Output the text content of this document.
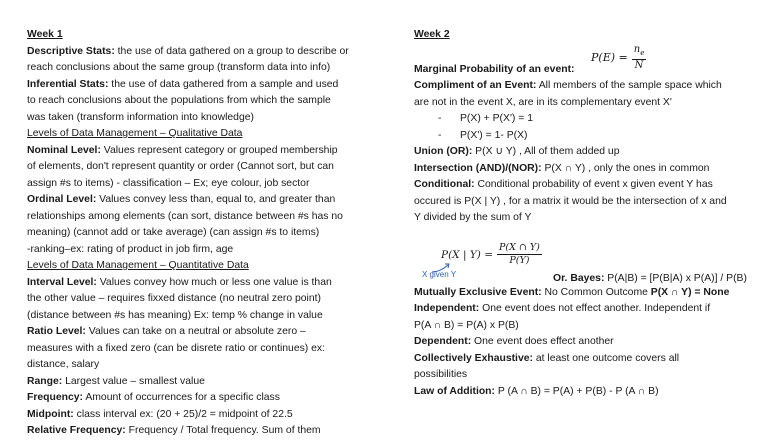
Week 1
Descriptive Stats: the use of data gathered on a group to describe or
reach conclusions about the same group (transform data into info)
Inferential Stats: the use of data gathered from a sample and used
to reach conclusions about the populations from which the sample
was taken (transform information into knowledge)
Levels of Data Management – Qualitative Data
Nominal Level: Values represent category or grouped membership
of elements, don't represent quantity or order (Cannot sort, but can
assign #s to items) - classification – Ex; eye colour, job sector
Ordinal Level: Values convey less than, equal to, and greater than
relationships among elements (can sort, distance between #s has no
meaning) (cannot add or take average) (can assign #s to items)
-ranking–ex: rating of product in job firm, age
Levels of Data Management – Quantitative Data
Interval Level: Values convey how much or less one value is than
the other value – requires fixxed distance (no neutral zero point)
(distance between #s has meaning) Ex: temp % change in value
Ratio Level: Values can take on a neutral or absolute zero –
measures with a fixed zero (can be disrete ratio or continues) ex:
distance, salary
Range: Largest value – smallest value
Frequency: Amount of occurrences for a specific class
Midpoint: class interval ex: (20 + 25)/2 = midpoint of 22.5
Relative Frequency: Frequency / Total frequency. Sum of them
Week 2
Marginal Probability of an event:
Compliment of an Event: All members of the sample space which
are not in the event X, are in its complementary event X'
- P(X) + P(X') = 1
- P(X') = 1- P(X)
Union (OR): P(X ∪ Y) , All of them added up
Intersection (AND)/(NOR): P(X ∩ Y) , only the ones in common
Conditional: Conditional probability of event x given event Y has
occured is P(X | Y) , for a matrix it would be the intersection of x and
Y divided by the sum of Y
Mutually Exclusive Event: No Common Outcome P(X ∩ Y) = None
Independent: One event does not effect another. Independent if
P(A ∩ B) = P(A) x P(B)
Dependent: One event does effect another
Collectively Exhaustive: at least one outcome covers all
possibilities
Law of Addition: P (A ∩ B) = P(A) + P(B) - P (A ∩ B)
$P(E) = \frac{n_e}{N}$
P(X | $Y) = \frac{P(X \cap Y)}{P(Y)}$
X given Y	Or. Bayes: P(A|B) = [P(B|A) x P(A)] / P(B)
